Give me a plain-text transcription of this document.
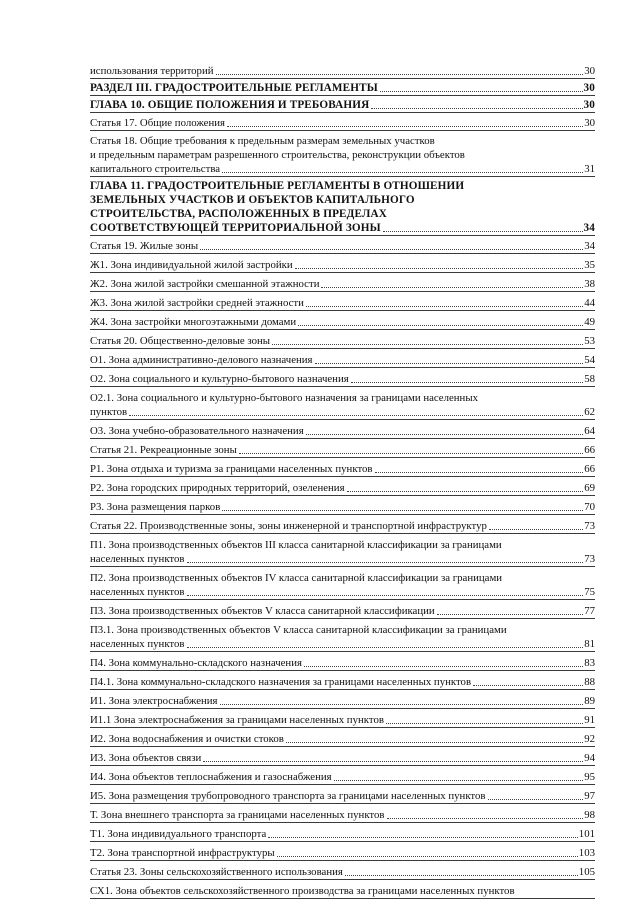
использования территорий	30
РАЗДЕЛ III. ГРАДОСТРОИТЕЛЬНЫЕ РЕГЛАМЕНТЫ	30
ГЛАВА 10. ОБЩИЕ ПОЛОЖЕНИЯ И ТРЕБОВАНИЯ	30
Статья 17. Общие положения	30
Статья 18. Общие требования к предельным размерам земельных участков
и предельным параметрам разрешенного строительства, реконструкции объектов
капитального строительства	31
ГЛАВА 11. ГРАДОСТРОИТЕЛЬНЫЕ РЕГЛАМЕНТЫ В ОТНОШЕНИИ
ЗЕМЕЛЬНЫХ УЧАСТКОВ И ОБЪЕКТОВ КАПИТАЛЬНОГО
СТРОИТЕЛЬСТВА, РАСПОЛОЖЕННЫХ В ПРЕДЕЛАХ
СООТВЕТСТВУЮЩЕЙ ТЕРРИТОРИАЛЬНОЙ ЗОНЫ	34
Статья 19. Жилые зоны	34
Ж1. Зона индивидуальной жилой застройки	35
Ж2. Зона жилой застройки смешанной этажности	38
Ж3. Зона жилой застройки средней этажности	44
Ж4. Зона застройки многоэтажными домами	49
Статья 20. Общественно-деловые зоны	53
О1. Зона административно-делового назначения	54
О2. Зона социального и культурно-бытового назначения	58
О2.1. Зона социального и культурно-бытового назначения за границами населенных
пунктов	62
О3. Зона учебно-образовательного назначения	64
Статья 21. Рекреационные зоны	66
Р1. Зона отдыха и туризма за границами населенных пунктов	66
Р2. Зона городских природных территорий, озеленения	69
Р3. Зона размещения парков	70
Статья 22. Производственные зоны, зоны инженерной и транспортной инфраструктур	73
П1. Зона производственных объектов III класса санитарной классификации за границами
населенных пунктов	73
П2. Зона производственных объектов IV класса санитарной классификации за границами
населенных пунктов	75
П3. Зона производственных объектов V класса санитарной классификации	77
П3.1. Зона производственных объектов V класса санитарной классификации за границами
населенных пунктов	81
П4. Зона коммунально-складского назначения	83
П4.1. Зона коммунально-складского назначения за границами населенных пунктов	88
И1. Зона электроснабжения	89
И1.1 Зона электроснабжения за границами населенных пунктов	91
И2. Зона водоснабжения и очистки стоков	92
И3. Зона объектов связи	94
И4. Зона объектов теплоснабжения и газоснабжения	95
И5. Зона размещения трубопроводного транспорта за границами населенных пунктов	97
Т. Зона внешнего транспорта за границами населенных пунктов	98
Т1. Зона индивидуального транспорта	101
Т2. Зона транспортной инфраструктуры	103
Статья 23. Зоны сельскохозяйственного использования	105
СХ1. Зона объектов сельскохозяйственного производства за границами населенных пунктов
